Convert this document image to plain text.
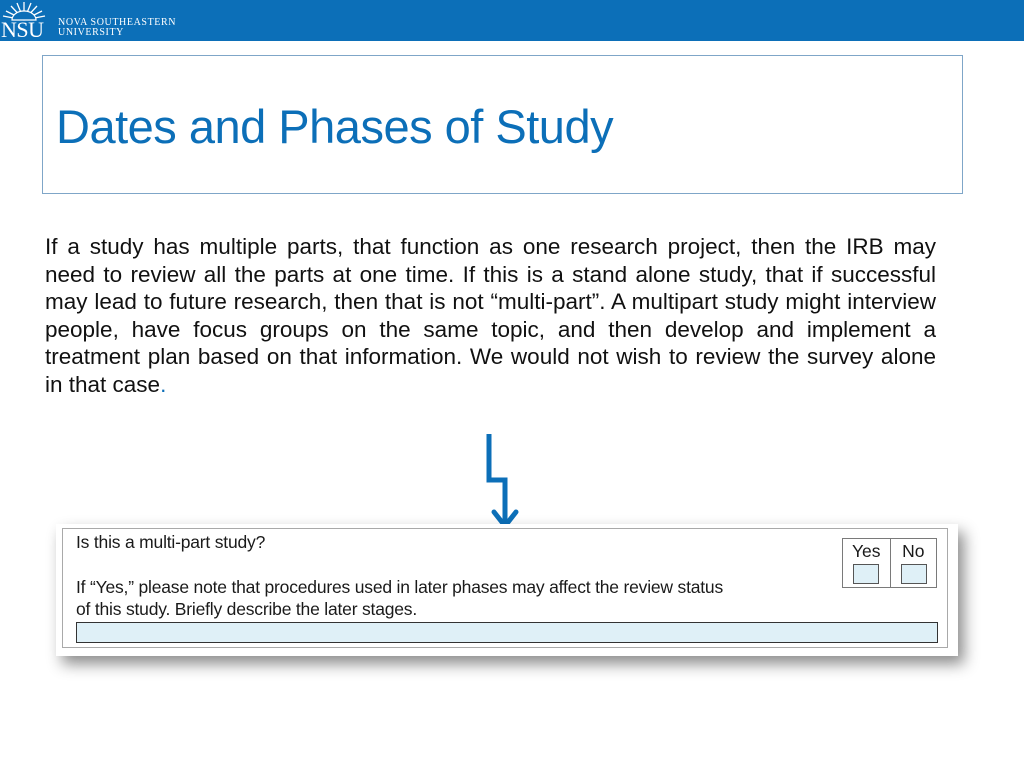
NSU NOVA SOUTHEASTERN
UNIVERSITY
Dates and Phases of Study

If a study has multiple parts, that function as one research project, then the IRB may need to review all the parts at one time. If this is a stand alone study, that if successful may lead to future research, then that is not “multi-part”. A multipart study might interview people, have focus groups on the same topic, and then develop and implement a treatment plan based on that information. We would not wish to review the survey alone in that case.

Is this a multi-part study?

If “Yes,” please note that procedures used in later phases may affect the review status
of this study. Briefly describe the later stages.

Yes	No
